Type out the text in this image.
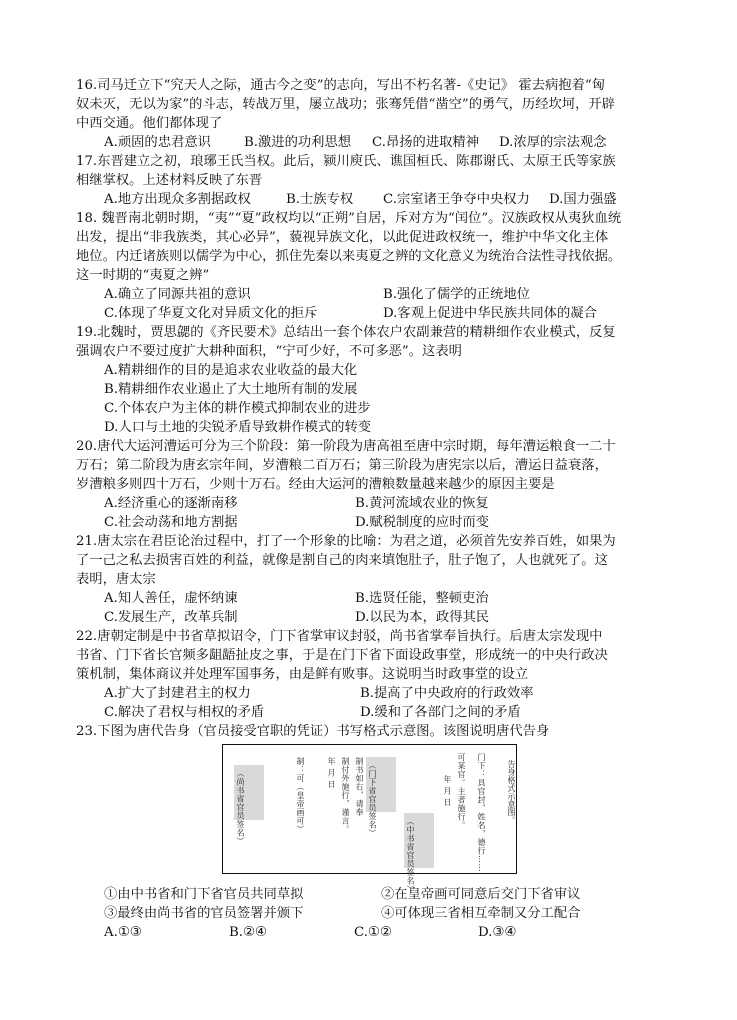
16.司马迁立下“究天人之际，通古今之变”的志向，写出不朽名著-《史记》 霍去病抱着“匈
奴未灭，无以为家”的斗志，转战万里，屡立战功；张骞凭借“凿空”的勇气，历经坎坷，开辟
中西交通。他们都体现了
A.顽固的忠君意识 B.激进的功利思想 C.昂扬的进取精神 D.浓厚的宗法观念
17.东晋建立之初，琅琊王氏当权。此后，颍川庾氏、谯国桓氏、陈郡谢氏、太原王氏等家族
相继掌权。上述材料反映了东晋
A.地方出现众多割据政权	B.士族专权 C.宗室诸王争夺中央权力 D.国力强盛
18. 魏晋南北朝时期，“夷”“夏”政权均以“正朔”自居，斥对方为“闰位”。汉族政权从夷狄血统
出发，提出“非我族类，其心必异”，藐视异族文化，以此促进政权统一，维护中华文化主体
地位。内迁诸族则以儒学为中心，抓住先秦以来夷夏之辨的文化意义为统治合法性寻找依据。
这一时期的“夷夏之辨”
A.确立了同源共祖的意识	B.强化了儒学的正统地位
C.体现了华夏文化对异质文化的拒斥	D.客观上促进中华民族共同体的凝合
19.北魏时，贾思勰的《齐民要术》总结出一套个体农户农副兼营的精耕细作农业模式，反复
强调农户不要过度扩大耕种面积，“宁可少好，不可多恶”。这表明
A.精耕细作的目的是追求农业收益的最大化
B.精耕细作农业遏止了大土地所有制的发展
C.个体农户为主体的耕作模式抑制农业的进步
D.人口与土地的尖锐矛盾导致耕作模式的转变
20.唐代大运河漕运可分为三个阶段：第一阶段为唐高祖至唐中宗时期，每年漕运粮食一二十
万石；第二阶段为唐玄宗年间，岁漕粮二百万石；第三阶段为唐宪宗以后，漕运日益衰落，
岁漕粮多则四十万石，少则十万石。经由大运河的漕粮数量越来越少的原因主要是
A.经济重心的逐渐南移	B.黄河流域农业的恢复
C.社会动荡和地方割据	D.赋税制度的应时而变
21.唐太宗在君臣论治过程中，打了一个形象的比喻：为君之道，必须首先安养百姓，如果为
了一己之私去损害百姓的利益，就像是割自己的肉来填饱肚子，肚子饱了，人也就死了。这
表明，唐太宗
A.知人善任，虚怀纳谏	B.选贤任能，整顿吏治
C.发展生产，改革兵制	D.以民为本，政得其民
22.唐朝定制是中书省草拟诏令，门下省掌审议封驳，尚书省掌奉旨执行。后唐太宗发现中
书省、门下省长官频多龃龉扯皮之事，于是在门下省下面设政事堂，形成统一的中央行政决
策机制，集体商议并处理军国事务，由是鲜有败事。这说明当时政事堂的设立
A.扩大了封建君主的权力	B.提高了中央政府的行政效率
C.解决了君权与相权的矛盾	D.缓和了各部门之间的矛盾
23.下图为唐代告身（官员接受官职的凭证）书写格式示意图。该图说明唐代告身
（尚书省官员签名）	制：可（皇帝画可）	年 月 日 制付外施行，谨言。 制书如右，请奉 （门下省官员签名）
（中书省官员签名）
年 月 日 可某官。主者施行。 门下：具官封，姓名，德行……	告身格式示意图。
①由中书省和门下省官员共同草拟	②在皇帝画可同意后交门下省审议
③最终由尚书省的官员签署并颁下	④可体现三省相互牵制又分工配合
A.①③	B.②④	C.①②	D.③④
